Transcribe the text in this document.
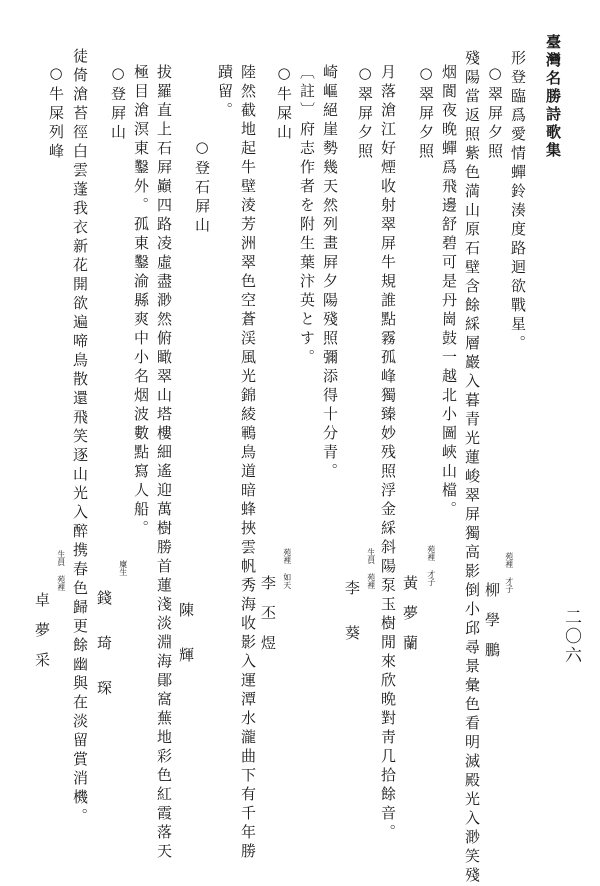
臺灣名勝詩歌集
二〇六
苑裡 才子
柳　學　鵬
形登臨爲愛情蟬鈴湊度路迴欲戰星。
○翠屏夕照
殘陽當返照紫色満山原石壁含餘綵層巖入暮青光蓮峻翠屏獨高影倒小邱尋景彙色看明滅殿光入渺笑殘
烟閬夜晚蟬爲飛邊舒碧可是丹崗鼓一越北小圖峽山檔。
○翠屏夕照
苑裡 才子
黃　夢　蘭
月落滄江好煙收射翠屏牛規誰點霧孤峰獨臻妙残照浮金綵斜陽泵玉樹閒來欣晩對靑几拾餘音。
○翠屏夕照
生員 苑裡
李　　葵
崎嶇絕崖勢幾天然列畫屛夕陽殘照彌添得十分青。
〔註〕府志作者を附生葉汴英とす。
○牛屎山
苑裡 如天
李　丕　煜
陸然截地起牛壁淩芳洲翠色空蒼渓風光錦綾鶤鳥道暗蜂挾雲帆秀海收影入運潭水瀧曲下有千年勝
蹟留。
○登石屛山
陳　　輝
拔羅直上石屛巓四路凌虛盡渺然俯瞰翠山塔樓細遙迎萬樹勝首蓮淺淡淵海鄖窩蕪地彩色紅霞落天
極目滄溟東鑿外。孤東鑿渝縣爽中小名烟波數點寫人船。
○登屛山
廩生
錢　　琦　　琛
徒倚滄苔徑白雲蓬我衣新花開欲遍啼鳥散還飛笑逐山光入醉携春色歸更餘幽與在淡留賞消機。
○牛屎列峰
生員 苑裡
卓　夢　采
